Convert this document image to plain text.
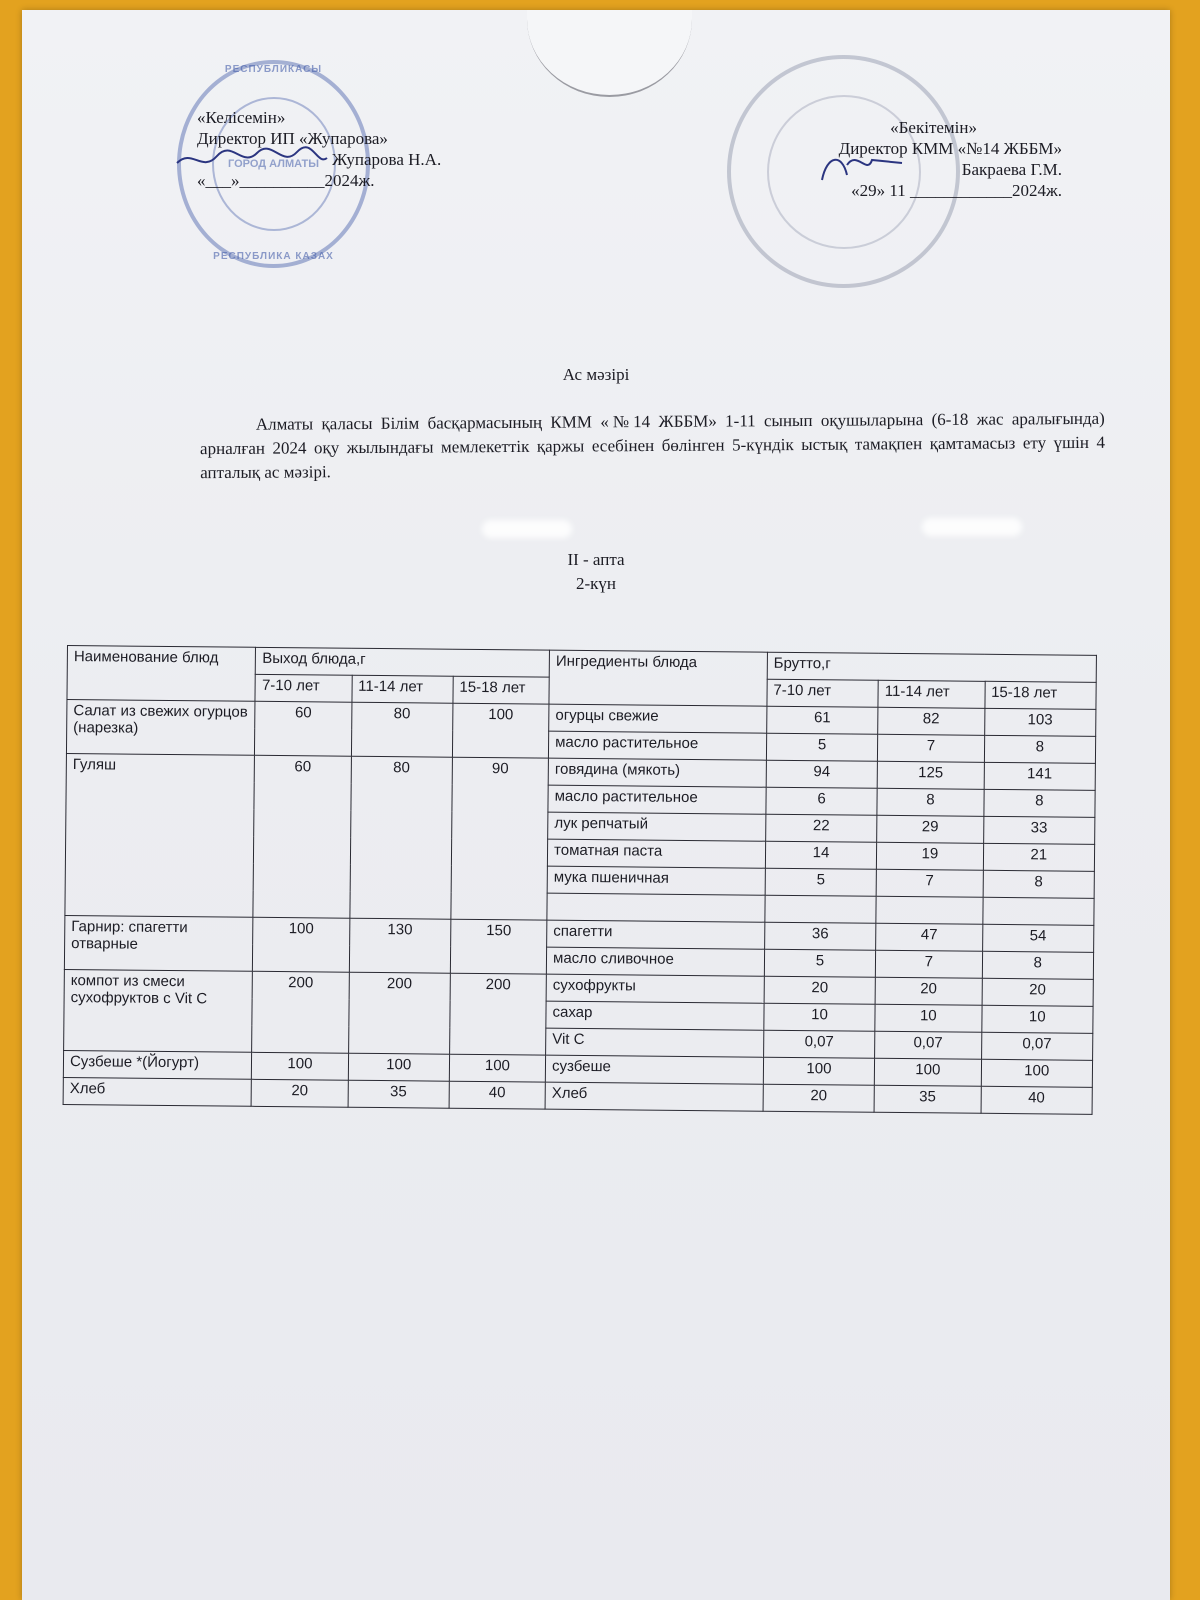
РЕСПУБЛИКАСЫ
ГОРОД АЛМАТЫ
РЕСПУБЛИКА КАЗАХ
«Келісемін»
Директор ИП «Жупарова»
Жупарова Н.А.
«___»__________2024ж.
«Бекітемін»
Директор КММ «№14 ЖББМ»
Бакраева Г.М.
«29» 11 ____________2024ж.
Ас мәзірі
Алматы қаласы Білім басқармасының КММ «№14 ЖББМ» 1-11 сынып оқушыларына (6-18 жас аралығында) арналған 2024 оқу жылындағы мемлекеттік қаржы есебінен бөлінген 5-күндік ыстық тамақпен қамтамасыз ету үшін 4 апталық ас мәзірі.
II - апта
2-күн
Наименование блюд	Выход блюда,г			Ингредиенты блюда	Брутто,г		
	7-10 лет	11-14 лет	15-18 лет		7-10 лет	11-14 лет	15-18 лет
Салат из свежих огурцов (нарезка)	60	80	100	огурцы свежие	61	82	103
				масло растительное	5	7	8
Гуляш	60	80	90	говядина (мякоть)	94	125	141
				масло растительное	6	8	8
				лук репчатый	22	29	33
				томатная паста	14	19	21
				мука пшеничная	5	7	8

Гарнир: спагетти отварные	100	130	150	спагетти	36	47	54
				масло сливочное	5	7	8
компот из смеси сухофруктов с Vit C	200	200	200	сухофрукты	20	20	20
				сахар	10	10	10
				Vit C	0,07	0,07	0,07
Сузбеше *(Йогурт)	100	100	100	сузбеше	100	100	100
Хлеб	20	35	40	Хлеб	20	35	40
